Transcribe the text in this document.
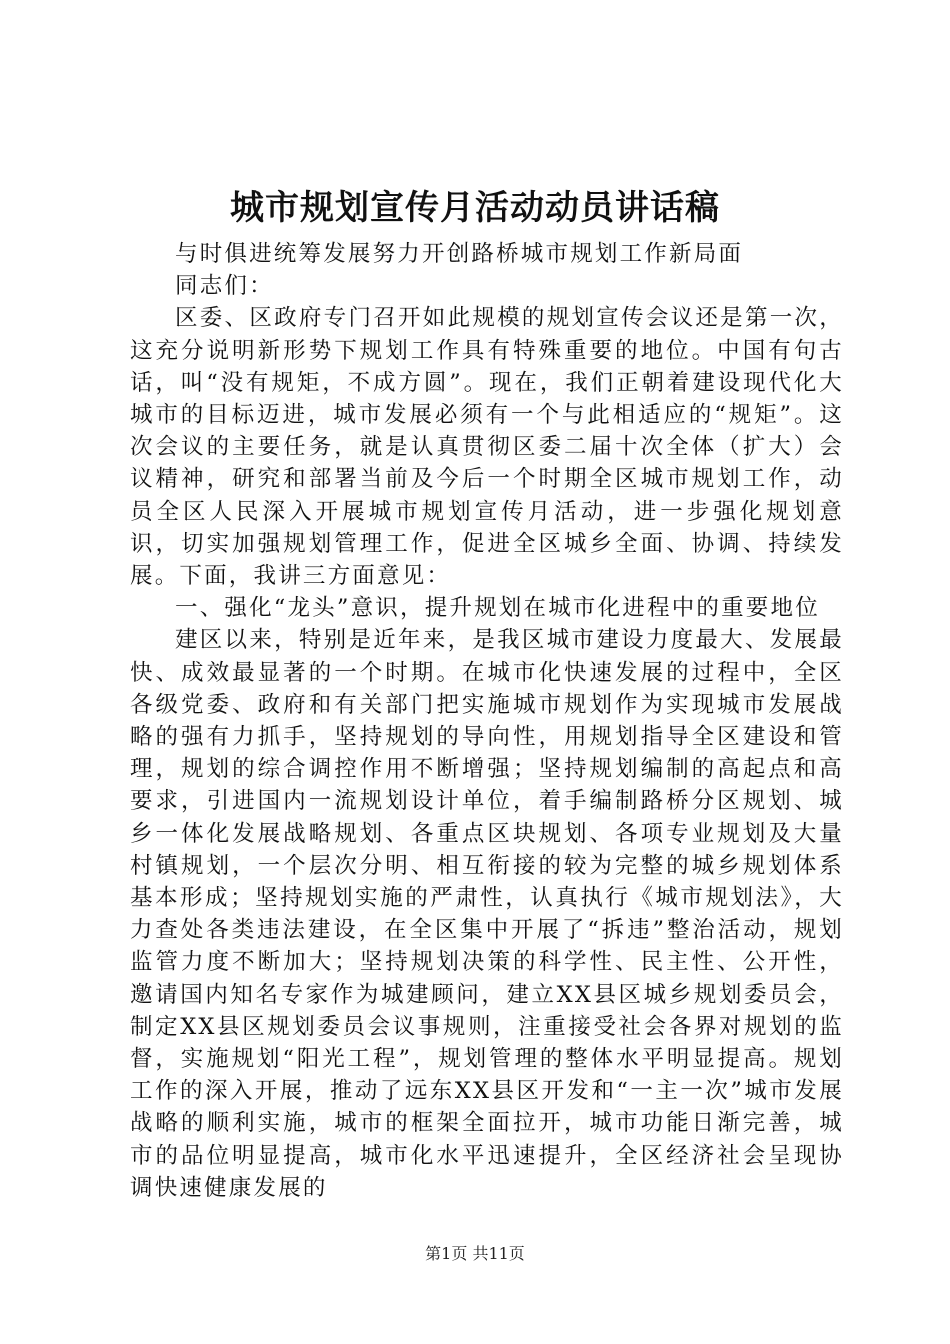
城市规划宣传月活动动员讲话稿

与时俱进统筹发展努力开创路桥城市规划工作新局面

同志们：

区委、区政府专门召开如此规模的规划宣传会议还是第一次，这充分说明新形势下规划工作具有特殊重要的地位。中国有句古话，叫“没有规矩，不成方圆”。现在，我们正朝着建设现代化大城市的目标迈进，城市发展必须有一个与此相适应的“规矩”。这次会议的主要任务，就是认真贯彻区委二届十次全体（扩大）会议精神，研究和部署当前及今后一个时期全区城市规划工作，动员全区人民深入开展城市规划宣传月活动，进一步强化规划意识，切实加强规划管理工作，促进全区城乡全面、协调、持续发展。下面，我讲三方面意见：

一、强化“龙头”意识，提升规划在城市化进程中的重要地位

建区以来，特别是近年来，是我区城市建设力度最大、发展最快、成效最显著的一个时期。在城市化快速发展的过程中，全区各级党委、政府和有关部门把实施城市规划作为实现城市发展战略的强有力抓手，坚持规划的导向性，用规划指导全区建设和管理，规划的综合调控作用不断增强；坚持规划编制的高起点和高要求，引进国内一流规划设计单位，着手编制路桥分区规划、城乡一体化发展战略规划、各重点区块规划、各项专业规划及大量村镇规划，一个层次分明、相互衔接的较为完整的城乡规划体系基本形成；坚持规划实施的严肃性，认真执行《城市规划法》，大力查处各类违法建设，在全区集中开展了“拆违”整治活动，规划监管力度不断加大；坚持规划决策的科学性、民主性、公开性，邀请国内知名专家作为城建顾问，建立XX县区城乡规划委员会，制定XX县区规划委员会议事规则，注重接受社会各界对规划的监督，实施规划“阳光工程”，规划管理的整体水平明显提高。规划工作的深入开展，推动了远东XX县区开发和“一主一次”城市发展战略的顺利实施，城市的框架全面拉开，城市功能日渐完善，城市的品位明显提高，城市化水平迅速提升，全区经济社会呈现协调快速健康发展的

第1页 共11页
